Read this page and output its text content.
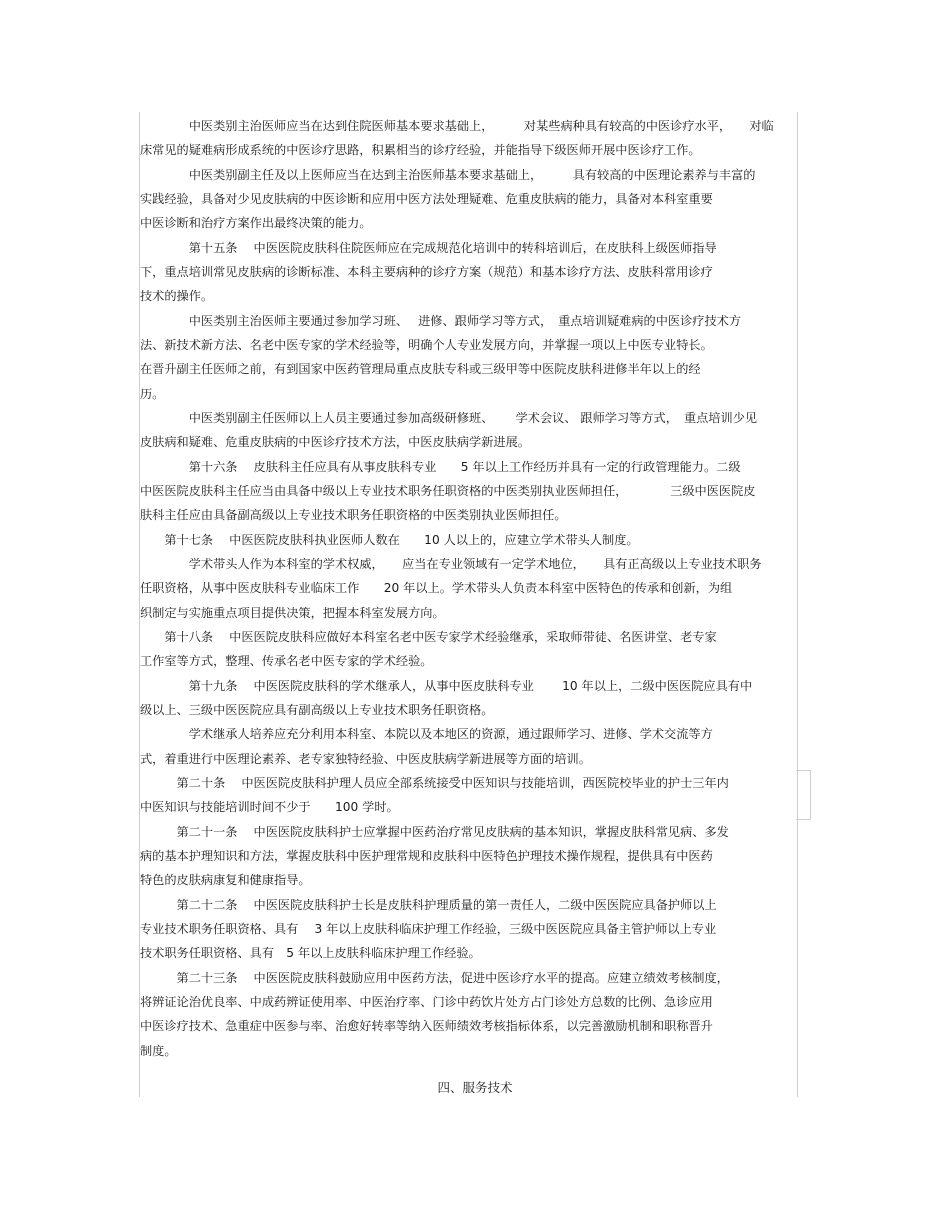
　　　　中医类别主治医师应当在达到住院医师基本要求基础上，　　　对某些病种具有较高的中医诊疗水平，　　对临
床常见的疑难病形成系统的中医诊疗思路，积累相当的诊疗经验，并能指导下级医师开展中医诊疗工作。
　　　　中医类别副主任及以上医师应当在达到主治医师基本要求基础上，　　　具有较高的中医理论素养与丰富的
实践经验，具备对少见皮肤病的中医诊断和应用中医方法处理疑难、危重皮肤病的能力，具备对本科室重要
中医诊断和治疗方案作出最终决策的能力。
　　　　第十五条　 中医医院皮肤科住院医师应在完成规范化培训中的转科培训后，在皮肤科上级医师指导
下，重点培训常见皮肤病的诊断标准、本科主要病种的诊疗方案（规范）和基本诊疗方法、皮肤科常用诊疗
技术的操作。
　　　　中医类别主治医师主要通过参加学习班、　 进修、跟师学习等方式，　重点培训疑难病的中医诊疗技术方
法、新技术新方法、名老中医专家的学术经验等，明确个人专业发展方向，并掌握一项以上中医专业特长。
在晋升副主任医师之前，有到国家中医药管理局重点皮肤专科或三级甲等中医院皮肤科进修半年以上的经
历。
　　　　中医类别副主任医师以上人员主要通过参加高级研修班、　　 学术会议、 跟师学习等方式，　重点培训少见
皮肤病和疑难、危重皮肤病的中医诊疗技术方法，中医皮肤病学新进展。
　　　　第十六条　 皮肤科主任应具有从事皮肤科专业　　5 年以上工作经历并具有一定的行政管理能力。二级
中医医院皮肤科主任应当由具备中级以上专业技术职务任职资格的中医类别执业医师担任，　　　　三级中医医院皮
肤科主任应由具备副高级以上专业技术职务任职资格的中医类别执业医师担任。
　　第十七条　 中医医院皮肤科执业医师人数在　　10 人以上的，应建立学术带头人制度。
　　　　学术带头人作为本科室的学术权威，　　应当在专业领域有一定学术地位，　　具有正高级以上专业技术职务
任职资格，从事中医皮肤科专业临床工作　　20 年以上。学术带头人负责本科室中医特色的传承和创新，为组
织制定与实施重点项目提供决策，把握本科室发展方向。
　　第十八条　 中医医院皮肤科应做好本科室名老中医专家学术经验继承，采取师带徒、名医讲堂、老专家
工作室等方式，整理、传承名老中医专家的学术经验。
　　　　第十九条　 中医医院皮肤科的学术继承人，从事中医皮肤科专业　　 10 年以上，二级中医医院应具有中
级以上、三级中医医院应具有副高级以上专业技术职务任职资格。
　　　　学术继承人培养应充分利用本科室、本院以及本地区的资源，通过跟师学习、进修、学术交流等方
式，着重进行中医理论素养、老专家独特经验、中医皮肤病学新进展等方面的培训。
　　　第二十条　 中医医院皮肤科护理人员应全部系统接受中医知识与技能培训，西医院校毕业的护士三年内
中医知识与技能培训时间不少于　　100 学时。
　　　第二十一条　 中医医院皮肤科护士应掌握中医药治疗常见皮肤病的基本知识，掌握皮肤科常见病、多发
病的基本护理知识和方法，掌握皮肤科中医护理常规和皮肤科中医特色护理技术操作规程，提供具有中医药
特色的皮肤病康复和健康指导。
　　　第二十二条　 中医医院皮肤科护士长是皮肤科护理质量的第一责任人，二级中医医院应具备护师以上
专业技术职务任职资格、具有　 3 年以上皮肤科临床护理工作经验，三级中医医院应具备主管护师以上专业
技术职务任职资格、具有　5 年以上皮肤科临床护理工作经验。
　　　第二十三条　 中医医院皮肤科鼓励应用中医药方法，促进中医诊疗水平的提高。应建立绩效考核制度，
将辨证论治优良率、中成药辨证使用率、中医治疗率、门诊中药饮片处方占门诊处方总数的比例、急诊应用
中医诊疗技术、急重症中医参与率、治愈好转率等纳入医师绩效考核指标体系，以完善激励机制和职称晋升
制度。
四、服务技术
